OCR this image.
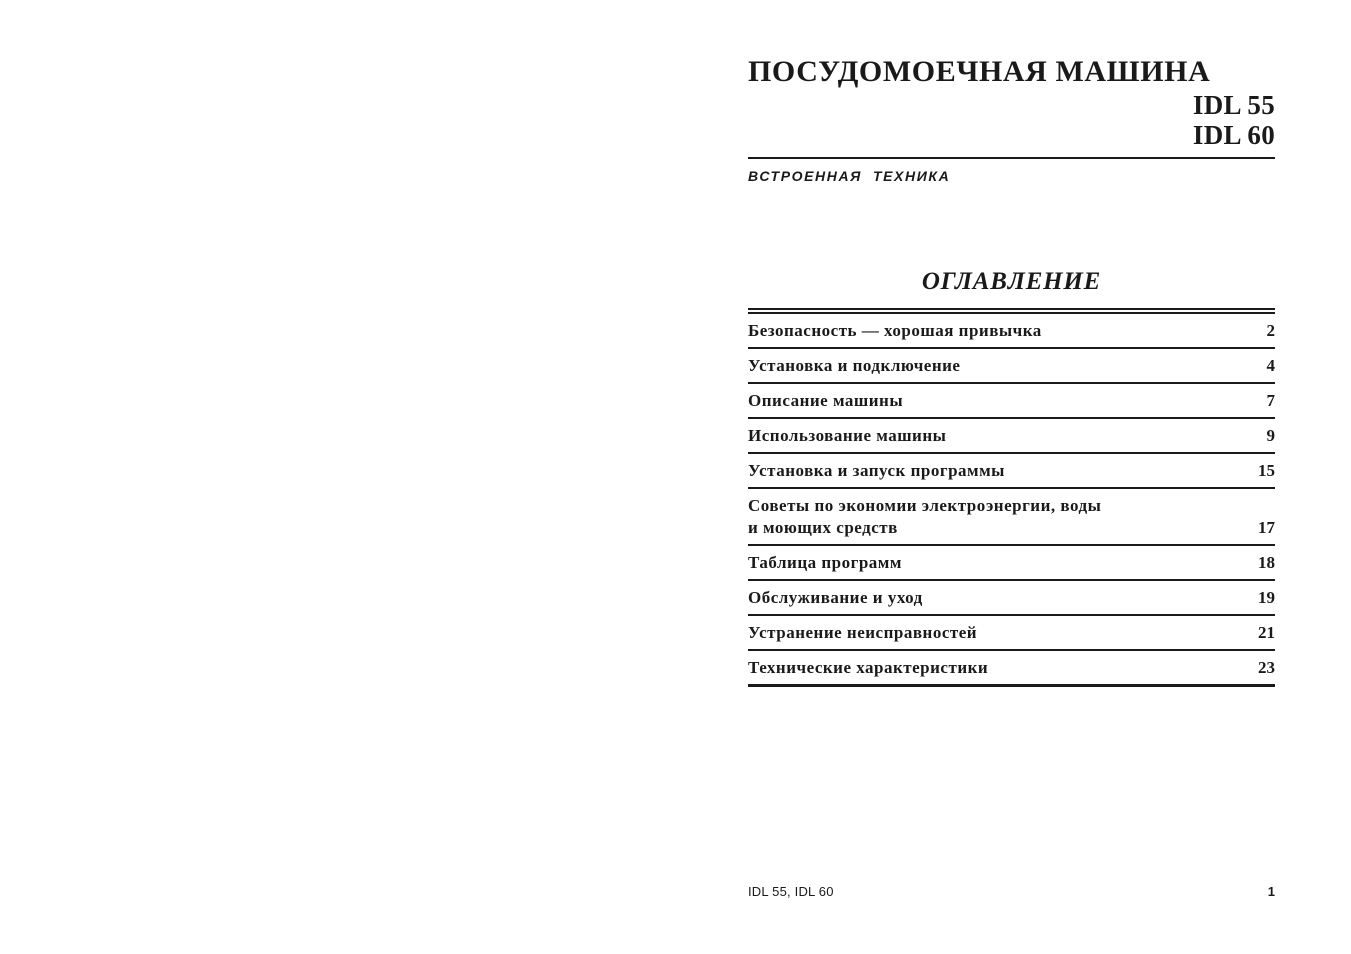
ПОСУДОМОЕЧНАЯ МАШИНА
IDL 55
IDL 60
ВСТРОЕННАЯ  ТЕХНИКА
ОГЛАВЛЕНИЕ
Безопасность — хорошая привычка	2
Установка и подключение	4
Описание машины	7
Использование машины	9
Установка и запуск программы	15
Советы по экономии электроэнергии, воды
и моющих средств	17
Таблица программ	18
Обслуживание и уход	19
Устранение неисправностей	21
Технические характеристики	23
IDL 55, IDL 60	1
